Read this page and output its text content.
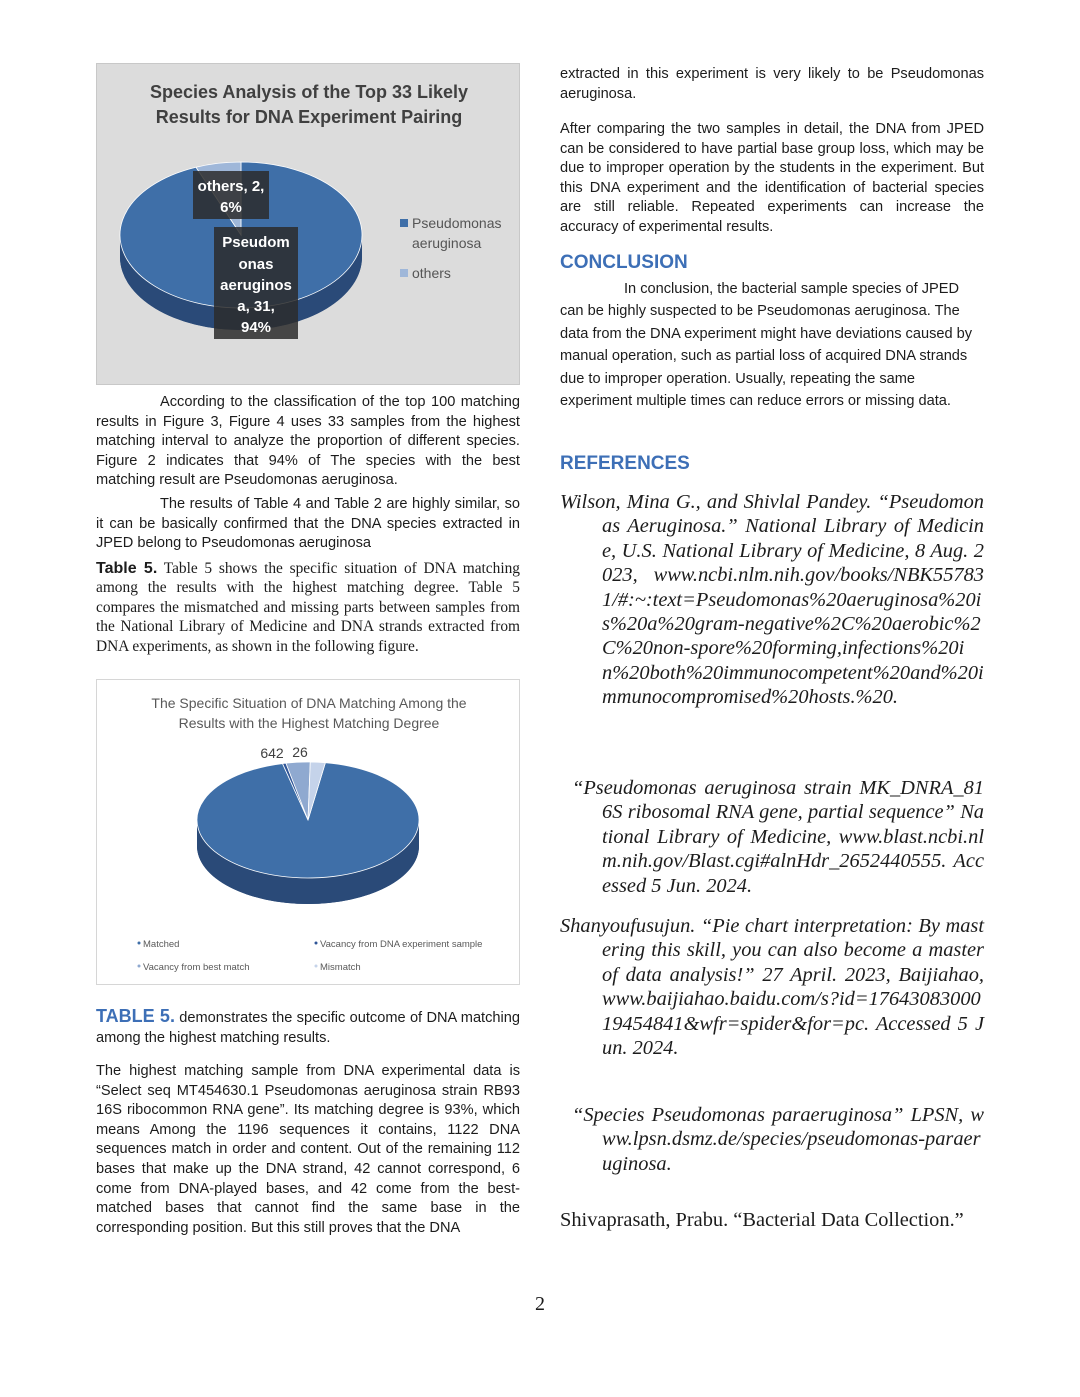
Species Analysis of the Top 33 Likely
Results for DNA Experiment Pairing
others, 2,
6%
Pseudom
onas
aeruginos
a, 31,
94%
Pseudomonas
aeruginosa
others

According to the classification of the top 100 matching results in Figure 3, Figure 4 uses 33 samples from the highest matching interval to analyze the proportion of different species. Figure 2 indicates that 94% of The species with the best matching result are Pseudomonas aeruginosa.

The results of Table 4 and Table 2 are highly similar, so it can be basically confirmed that the DNA species extracted in JPED belong to Pseudomonas aeruginosa

Table 5. Table 5 shows the specific situation of DNA matching among the results with the highest matching degree. Table 5 compares the mismatched and missing parts between samples from the National Library of Medicine and DNA strands extracted from DNA experiments, as shown in the following figure.

The Specific Situation of DNA Matching Among the
Results with the Highest Matching Degree
642 26
Matched	Vacancy from DNA experiment sample
Vacancy from best match	Mismatch

TABLE 5. demonstrates the specific outcome of DNA matching among the highest matching results.

The highest matching sample from DNA experimental data is “Select seq MT454630.1 Pseudomonas aeruginosa strain RB93 16S ribocommon RNA gene”. Its matching degree is 93%, which means Among the 1196 sequences it contains, 1122 DNA sequences match in order and content. Out of the remaining 112 bases that make up the DNA strand, 42 cannot correspond, 6 come from DNA-played bases, and 42 come from the best-matched bases that cannot find the same base in the corresponding position. But this still proves that the DNA

extracted in this experiment is very likely to be Pseudomonas aeruginosa.

After comparing the two samples in detail, the DNA from JPED can be considered to have partial base group loss, which may be due to improper operation by the students in the experiment. But this DNA experiment and the identification of bacterial species are still reliable. Repeated experiments can increase the accuracy of experimental results.

CONCLUSION

In conclusion, the bacterial sample species of JPED can be highly suspected to be Pseudomonas aeruginosa. The data from the DNA experiment might have deviations caused by manual operation, such as partial loss of acquired DNA strands due to improper operation. Usually, repeating the same experiment multiple times can reduce errors or missing data.

REFERENCES

Wilson, Mina G., and Shivlal Pandey. “Pseudomonas Aeruginosa.” National Library of Medicine, U.S. National Library of Medicine, 8 Aug. 2023, www.ncbi.nlm.nih.gov/books/NBK557831/#:~:text=Pseudomonas%20aeruginosa%20is%20a%20gram-negative%2C%20aerobic%2C%20non-spore%20forming,infections%20in%20both%20immunocompetent%20and%20immunocompromised%20hosts.%20.

“Pseudomonas aeruginosa strain MK_DNRA_816S ribosomal RNA gene, partial sequence” National Library of Medicine, www.blast.ncbi.nlm.nih.gov/Blast.cgi#alnHdr_2652440555. Accessed 5 Jun. 2024.

Shanyoufusujun. “Pie chart interpretation: By mastering this skill, you can also become a master of data analysis!” 27 April. 2023, Baijiahao, www.baijiahao.baidu.com/s?id=1764308300019454841&wfr=spider&for=pc. Accessed 5 Jun. 2024.

“Species Pseudomonas paraeruginosa” LPSN, www.lpsn.dsmz.de/species/pseudomonas-paraeruginosa.

Shivaprasath, Prabu. “Bacterial Data Collection.”

2
